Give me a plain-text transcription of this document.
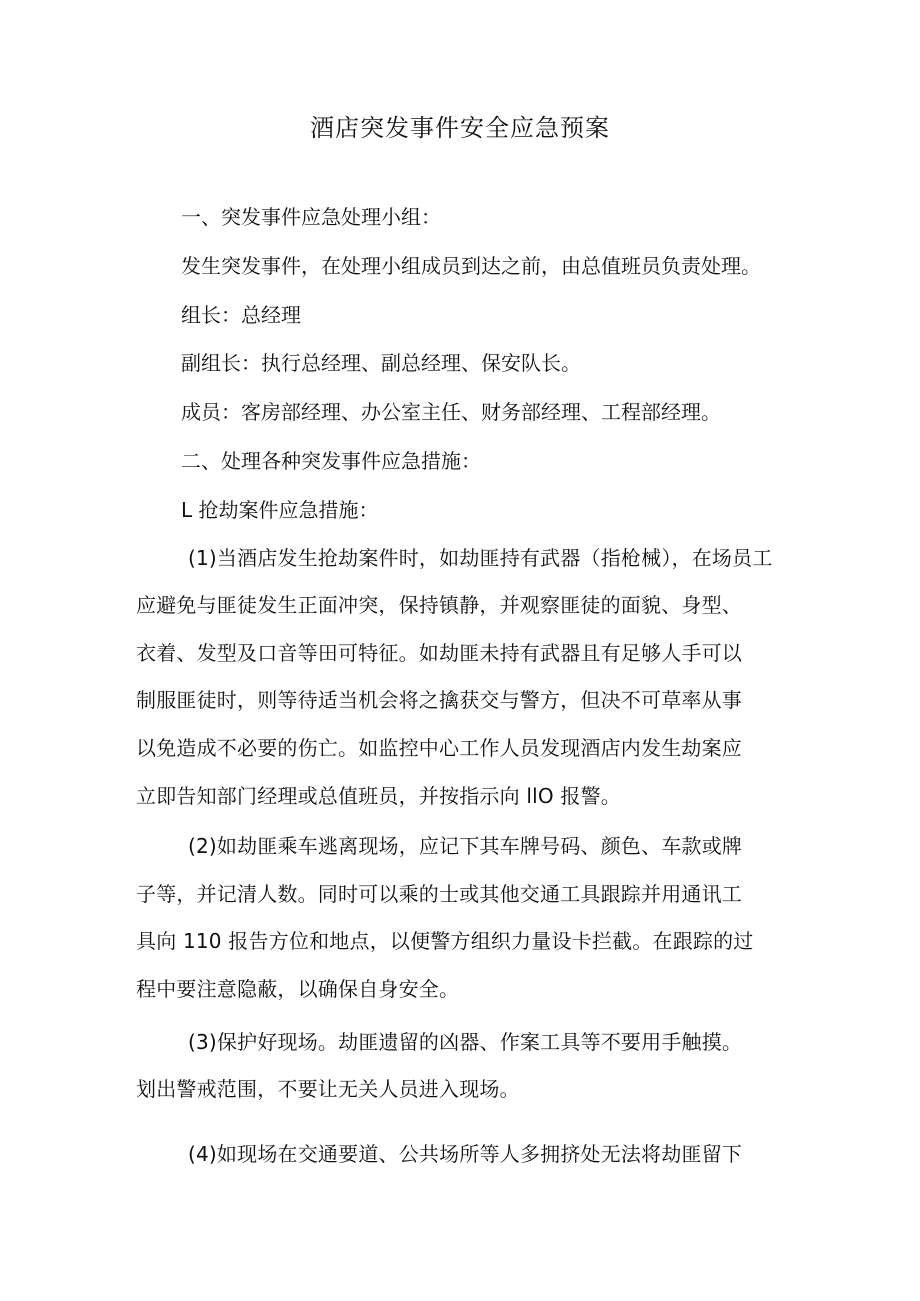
酒店突发事件安全应急预案
一、突发事件应急处理小组：
发生突发事件，在处理小组成员到达之前，由总值班员负责处理。
组长：总经理
副组长：执行总经理、副总经理、保安队长。
成员：客房部经理、办公室主任、财务部经理、工程部经理。
二、处理各种突发事件应急措施：
L 抢劫案件应急措施：
(1)当酒店发生抢劫案件时，如劫匪持有武器（指枪械），在场员工
应避免与匪徒发生正面冲突，保持镇静，并观察匪徒的面貌、身型、
衣着、发型及口音等田可特征。如劫匪未持有武器且有足够人手可以
制服匪徒时，则等待适当机会将之擒获交与警方，但决不可草率从事
以免造成不必要的伤亡。如监控中心工作人员发现酒店内发生劫案应
立即告知部门经理或总值班员，并按指示向 llO 报警。
(2)如劫匪乘车逃离现场，应记下其车牌号码、颜色、车款或牌
子等，并记清人数。同时可以乘的士或其他交通工具跟踪并用通讯工
具向 110 报告方位和地点，以便警方组织力量设卡拦截。在跟踪的过
程中要注意隐蔽，以确保自身安全。
(3)保护好现场。劫匪遗留的凶器、作案工具等不要用手触摸。
划出警戒范围，不要让无关人员进入现场。
(4)如现场在交通要道、公共场所等人多拥挤处无法将劫匪留下
